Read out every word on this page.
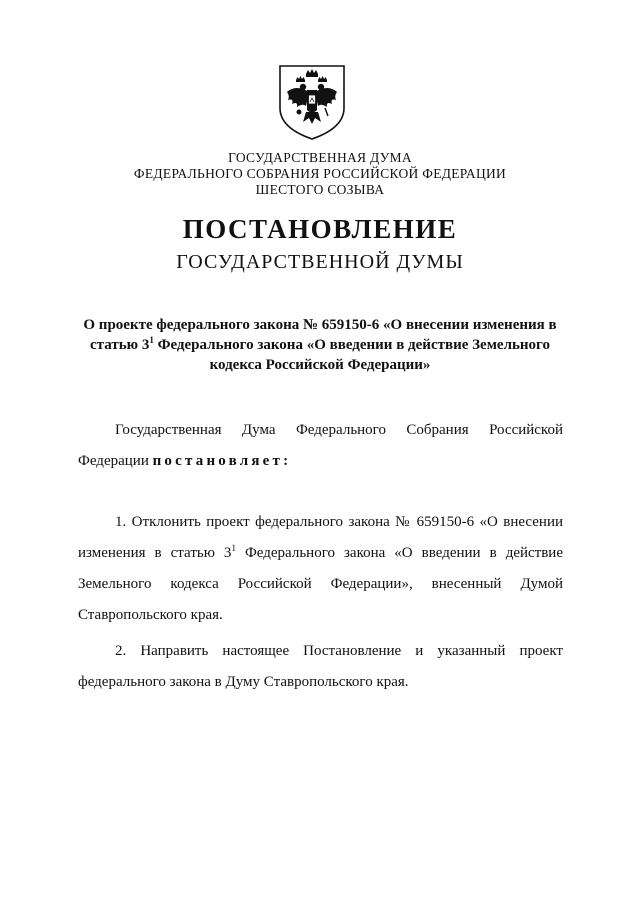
ГОСУДАРСТВЕННАЯ ДУМА
ФЕДЕРАЛЬНОГО СОБРАНИЯ РОССИЙСКОЙ ФЕДЕРАЦИИ
ШЕСТОГО СОЗЫВА
ПОСТАНОВЛЕНИЕ
ГОСУДАРСТВЕННОЙ ДУМЫ
О проекте федерального закона № 659150-6 «О внесении изменения в статью $3^1$ Федерального закона «О введении в действие Земельного кодекса Российской Федерации»
Государственная Дума Федерального Собрания Российской Федерации постановляет:
1. Отклонить проект федерального закона № 659150-6 «О внесении изменения в статью $3^1$ Федерального закона «О введении в действие Земельного кодекса Российской Федерации», внесенный Думой Ставропольского края.
2. Направить настоящее Постановление и указанный проект федерального закона в Думу Ставропольского края.
